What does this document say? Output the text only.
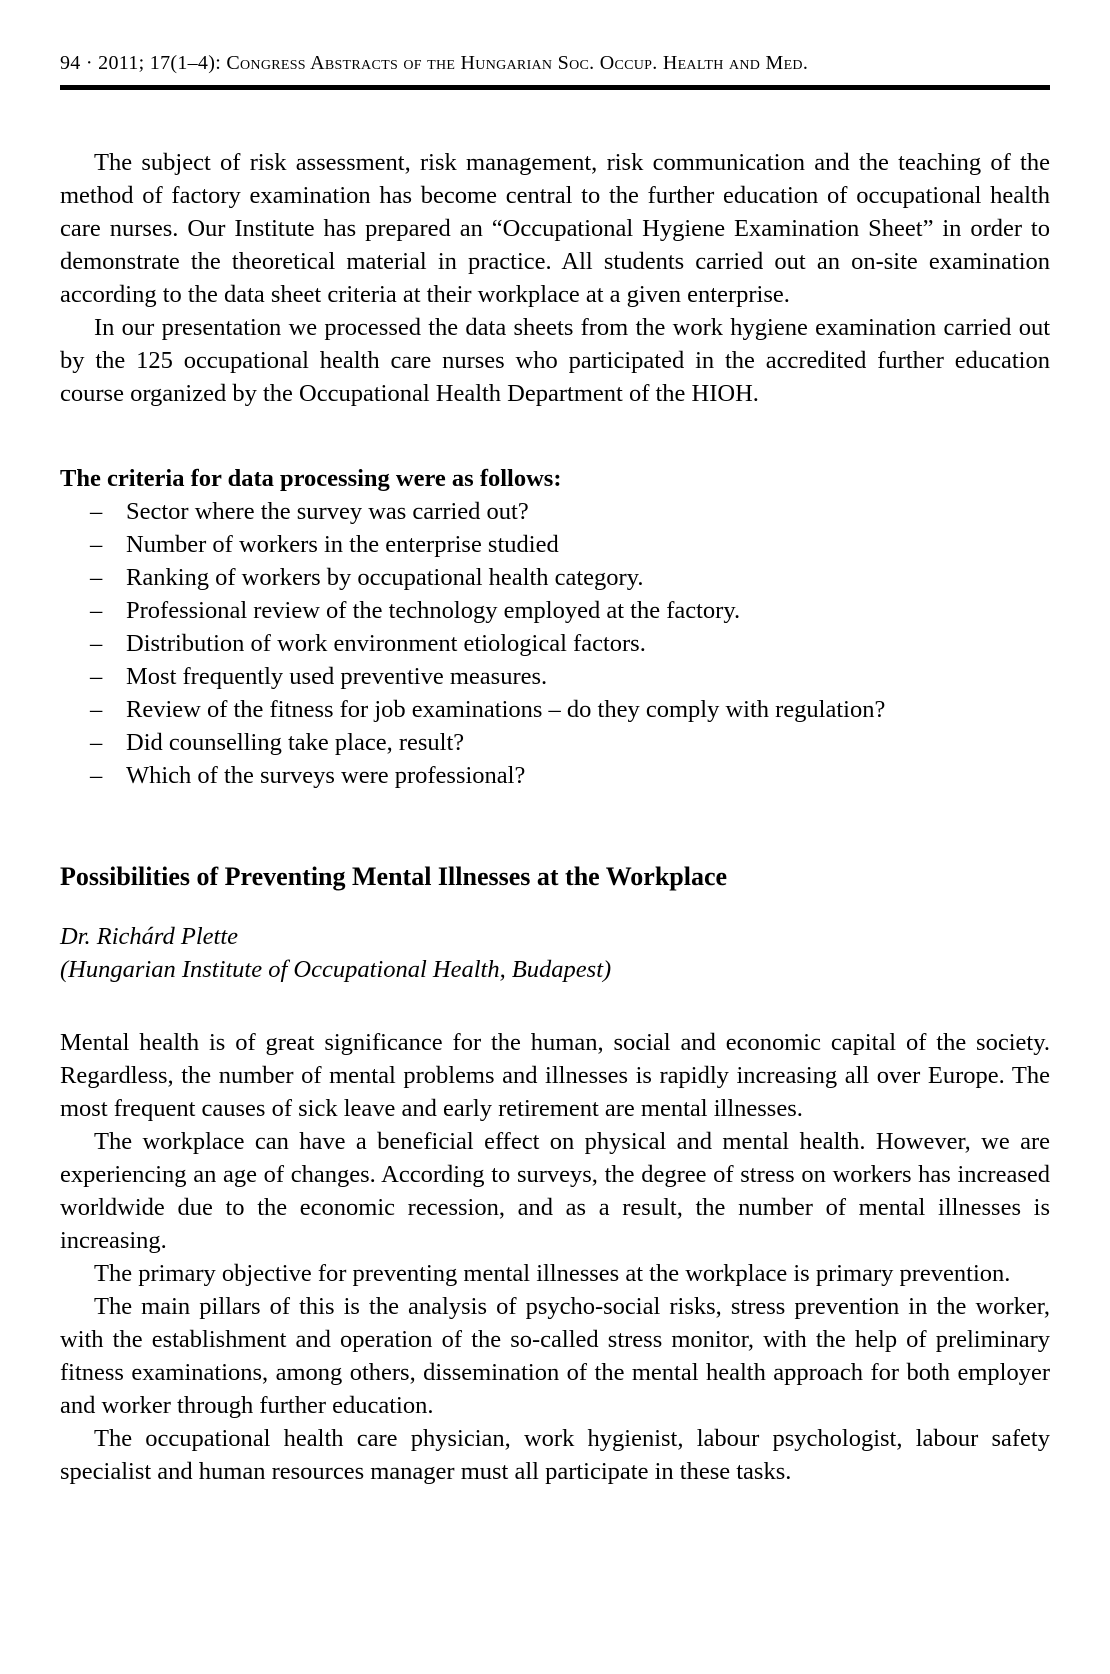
94 · 2011; 17(1–4): Congress Abstracts of the Hungarian Soc. Occup. Health and Med.

The subject of risk assessment, risk management, risk communication and the teaching of the method of factory examination has become central to the further education of occupational health care nurses. Our Institute has prepared an “Occupational Hygiene Examination Sheet” in order to demonstrate the theoretical material in practice. All students carried out an on-site examination according to the data sheet criteria at their workplace at a given enterprise.

In our presentation we processed the data sheets from the work hygiene examination carried out by the 125 occupational health care nurses who participated in the accredited further education course organized by the Occupational Health Department of the HIOH.

The criteria for data processing were as follows:

– Sector where the survey was carried out?
– Number of workers in the enterprise studied
– Ranking of workers by occupational health category.
– Professional review of the technology employed at the factory.
– Distribution of work environment etiological factors.
– Most frequently used preventive measures.
– Review of the fitness for job examinations – do they comply with regulation?
– Did counselling take place, result?
– Which of the surveys were professional?
Possibilities of Preventing Mental Illnesses at the Workplace
Dr. Richárd Plette
(Hungarian Institute of Occupational Health, Budapest)

Mental health is of great significance for the human, social and economic capital of the society. Regardless, the number of mental problems and illnesses is rapidly increasing all over Europe. The most frequent causes of sick leave and early retirement are mental illnesses.

The workplace can have a beneficial effect on physical and mental health. However, we are experiencing an age of changes. According to surveys, the degree of stress on workers has increased worldwide due to the economic recession, and as a result, the number of mental illnesses is increasing.

The primary objective for preventing mental illnesses at the workplace is primary prevention.

The main pillars of this is the analysis of psycho-social risks, stress prevention in the worker, with the establishment and operation of the so-called stress monitor, with the help of preliminary fitness examinations, among others, dissemination of the mental health approach for both employer and worker through further education.

The occupational health care physician, work hygienist, labour psychologist, labour safety specialist and human resources manager must all participate in these tasks.
